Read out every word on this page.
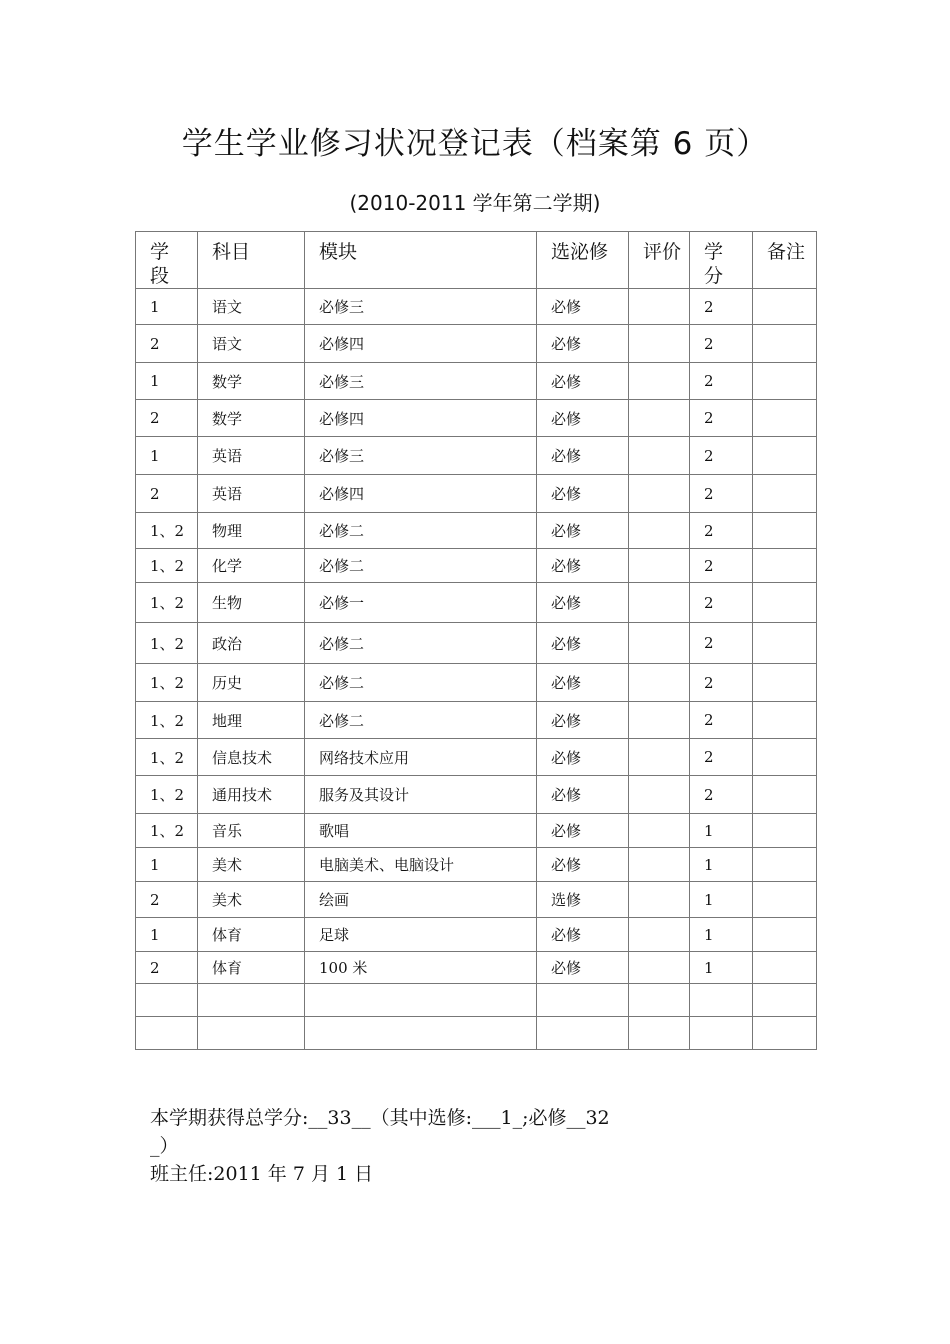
学生学业修习状况登记表（档案第 6 页）
(2010-2011 学年第二学期)
学段	科目	模块	选泌修	评价	学分	备注

1	语文	必修三	必修		2	
2	语文	必修四	必修		2	
1	数学	必修三	必修		2	
2	数学	必修四	必修		2	
1	英语	必修三	必修		2	
2	英语	必修四	必修		2	
1、2	物理	必修二	必修		2	
1、2	化学	必修二	必修		2	
1、2	生物	必修一	必修		2	
1、2	政治	必修二	必修		2	
1、2	历史	必修二	必修		2	
1、2	地理	必修二	必修		2	
1、2	信息技术	网络技术应用	必修		2	
1、2	通用技术	服务及其设计	必修		2	
1、2	音乐	歌唱	必修		1	
1	美术	电脑美术、电脑设计	必修		1	
2	美术	绘画	选修		1	
1	体育	足球	必修		1	
2	体育	100 米	必修		1	

本学期获得总学分:__33__（其中选修:___1_;必修__32
_）
班主任:2011 年 7 月 1 日
